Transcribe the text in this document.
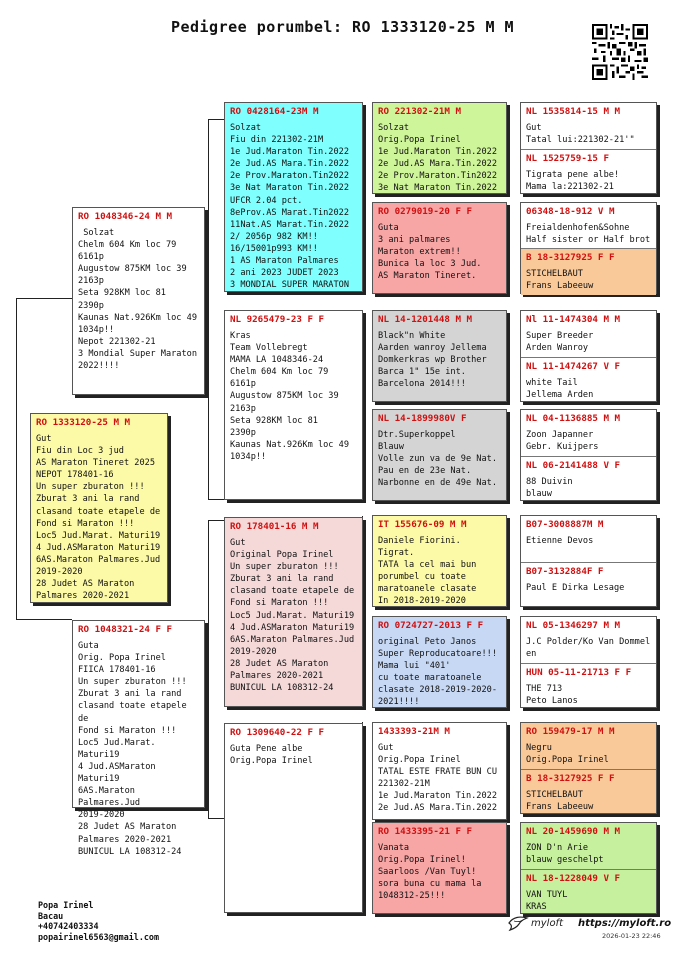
Pedigree porumbel: RO 1333120-25 M M
RO 1333120-25 M M
Gut
Fiu din Loc 3 jud
AS Maraton Tineret 2025
NEPOT 178401-16
Un super zburaton !!!
Zburat 3 ani la rand
clasand toate etapele de
Fond si Maraton !!!
Loc5 Jud.Marat. Maturi19
4 Jud.ASMaraton Maturi19
6AS.Maraton Palmares.Jud
2019-2020
28 Judet AS Maraton
Palmares 2020-2021
RO 1048346-24 M M
Solzat
Chelm 604 Km loc 79
6161p
Augustow 875KM loc 39
2163p
Seta 928KM loc 81
2390p
Kaunas Nat.926Km loc 49
1034p!!
Nepot 221302-21
3 Mondial Super Maraton
2022!!!!
RO 1048321-24 F F
Guta
Orig. Popa Irinel
FIICA 178401-16
Un super zburaton !!!
Zburat 3 ani la rand
clasand toate etapele de
Fond si Maraton !!!
Loc5 Jud.Marat. Maturi19
4 Jud.ASMaraton Maturi19
6AS.Maraton Palmares.Jud
2019-2020
28 Judet AS Maraton
Palmares 2020-2021
BUNICUL LA 108312-24
RO 0428164-23M M
Solzat
Fiu din 221302-21M
1e Jud.Maraton Tin.2022
2e Jud.AS Mara.Tin.2022
2e Prov.Maraton.Tin2022
3e Nat Maraton Tin.2022
UFCR 2.04 pct.
8eProv.AS Marat.Tin2022
11Nat.AS Marat.Tin.2022
2/ 2056p 982 KM!!
16/15001p993 KM!!
1 AS Maraton Palmares
2 ani 2023 JUDET 2023
3 MONDIAL SUPER MARATON
NL 9265479-23 F F
Kras
Team Vollebregt
MAMA LA 1048346-24
Chelm 604 Km loc 79
6161p
Augustow 875KM loc 39
2163p
Seta 928KM loc 81
2390p
Kaunas Nat.926Km loc 49
1034p!!
RO 178401-16 M M
Gut
Original Popa Irinel
Un super zburaton !!!
Zburat 3 ani la rand
clasand toate etapele de
Fond si Maraton !!!
Loc5 Jud.Marat. Maturi19
4 Jud.ASMaraton Maturi19
6AS.Maraton Palmares.Jud
2019-2020
28 Judet AS Maraton
Palmares 2020-2021
BUNICUL LA 108312-24
RO 1309640-22 F F
Guta Pene albe
Orig.Popa Irinel
RO 221302-21M M
Solzat
Orig.Popa Irinel
1e Jud.Maraton Tin.2022
2e Jud.AS Mara.Tin.2022
2e Prov.Maraton.Tin2022
3e Nat Maraton Tin.2022
RO 0279019-20 F F
Guta
3 ani palmares
Maraton extrem!!
Bunica la loc 3 Jud.
AS Maraton Tineret.
NL 14-1201448 M M
Black"n White
Aarden wanroy Jellema
Domkerkras wp Brother
Barca 1" 15e int.
Barcelona 2014!!!
NL 14-1899980V F
Dtr.Superkoppel
Blauw
Volle zun va de 9e Nat.
Pau en de 23e Nat.
Narbonne en de 49e Nat.
IT 155676-09 M M
Daniele Fiorini.
Tigrat.
TATA la cel mai bun
porumbel cu toate
maratoanele clasate
In 2018-2019-2020
RO 0724727-2013 F F
original Peto Janos
Super Reproducatoare!!!
Mama lui "401'
cu toate maratoanele
clasate 2018-2019-2020-
2021!!!!
1433393-21M M
Gut
Orig.Popa Irinel
TATAL ESTE FRATE BUN CU
221302-21M
1e Jud.Maraton Tin.2022
2e Jud.AS Mara.Tin.2022
RO 1433395-21 F F
Vanata
Orig.Popa Irinel!
Saarloos /Van Tuyl!
sora buna cu mama la
1048312-25!!!
NL 1535814-15 M M
Gut
Tatal lui:221302-21'"
NL 1525759-15 F
Tigrata pene albe!
Mama la:221302-21
06348-18-912 V M
Freialdenhofen&Sohne
Half sister or Half brot
B 18-3127925 F F
STICHELBAUT
Frans Labeeuw
Nl 11-1474304 M M
Super Breeder
Arden Wanroy
NL 11-1474267 V F
white Tail
Jellema Arden
NL 04-1136885 M M
Zoon Japanner
Gebr. Kuijpers
NL 06-2141488 V F
88 Duivin
blauw
B07-3008887M M
Etienne Devos
B07-3132884F F
Paul E Dirka Lesage
NL 05-1346297 M M
J.C Polder/Ko Van Dommel
en
HUN 05-11-21713 F F
THE 713
Peto Lanos
RO 159479-17 M M
Negru
Orig.Popa Irinel
B 18-3127925 F F
STICHELBAUT
Frans Labeeuw
NL 20-1459690 M M
ZON D'n Arie
blauw geschelpt
NL 18-1228049 V F
VAN TUYL
KRAS
Popa Irinel
Bacau
+40742403334
popairinel6563@gmail.com
myloft https://myloft.ro
2026-01-23 22:46
